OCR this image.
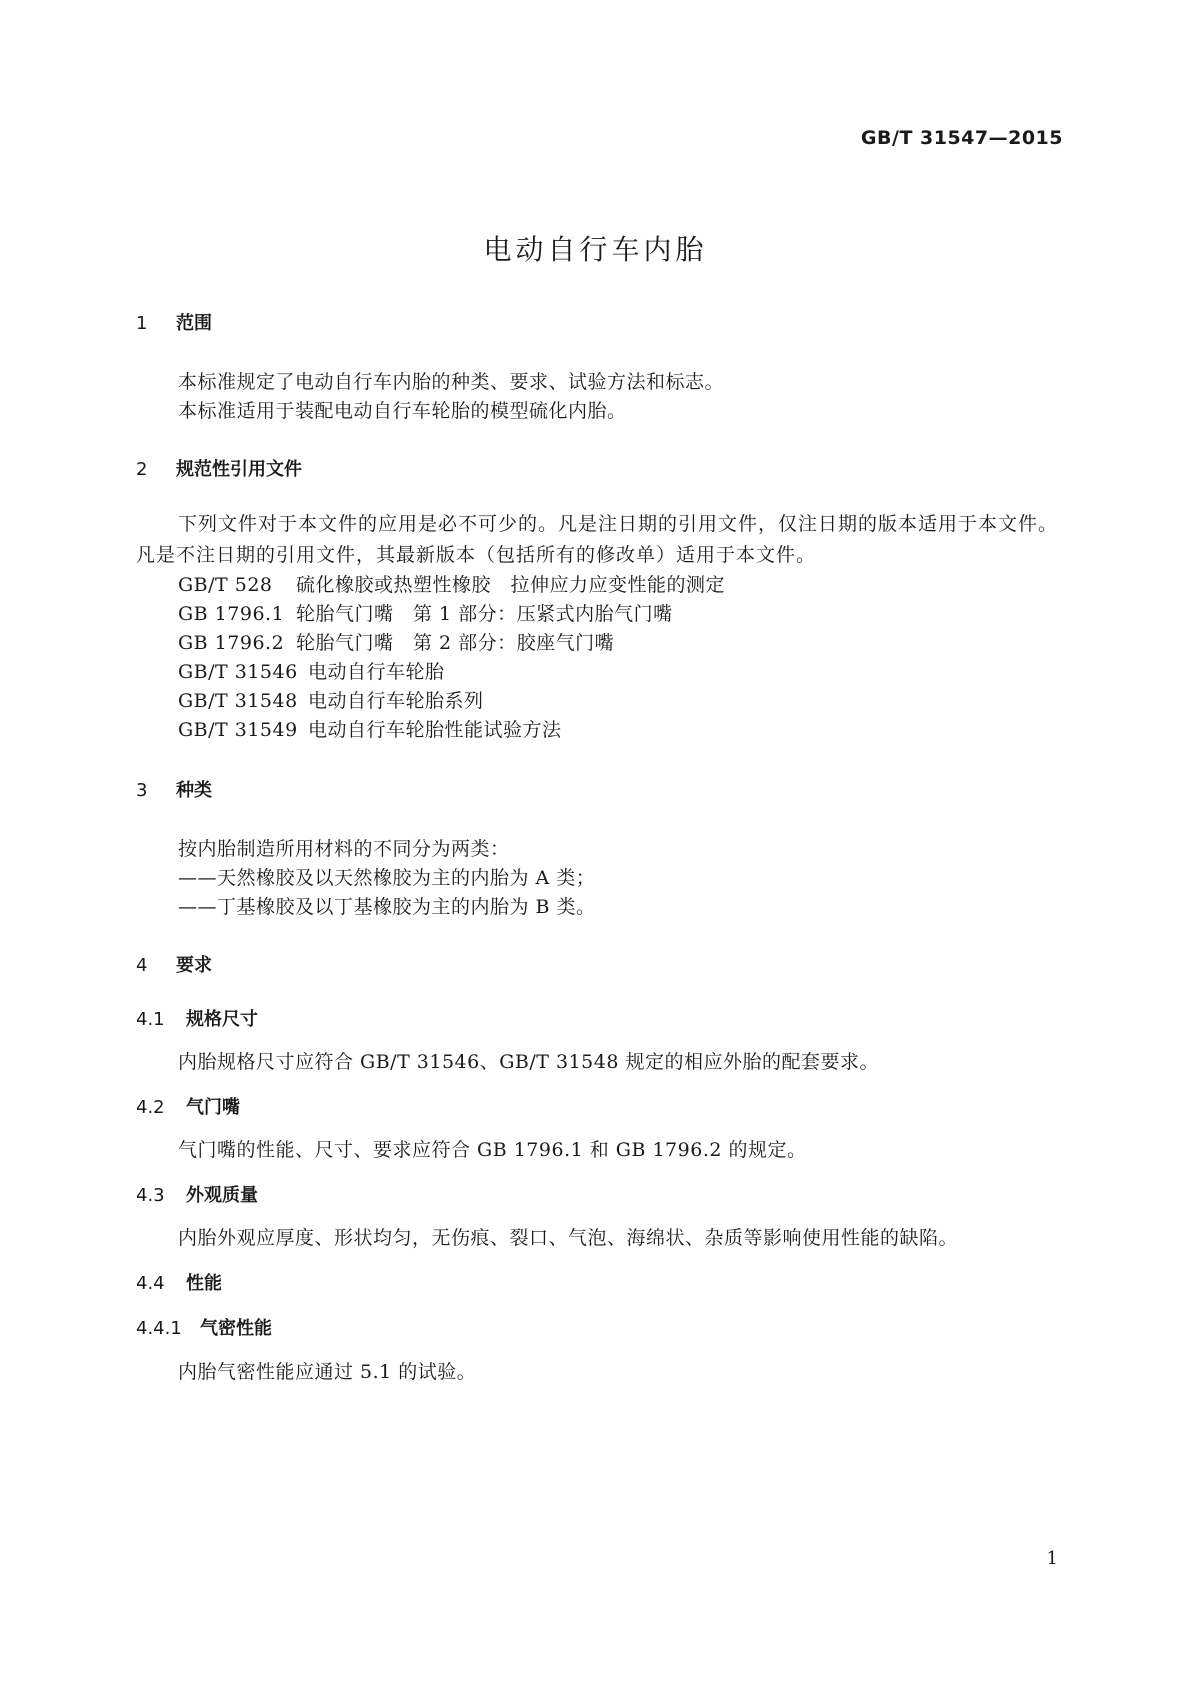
GB/T 31547—2015
电动自行车内胎
1 范围
本标准规定了电动自行车内胎的种类、要求、试验方法和标志。
本标准适用于装配电动自行车轮胎的模型硫化内胎。
2 规范性引用文件
下列文件对于本文件的应用是必不可少的。凡是注日期的引用文件，仅注日期的版本适用于本文件。凡是不注日期的引用文件，其最新版本（包括所有的修改单）适用于本文件。
GB/T 528 硫化橡胶或热塑性橡胶　拉伸应力应变性能的测定
GB 1796.1 轮胎气门嘴　第 1 部分：压紧式内胎气门嘴
GB 1796.2 轮胎气门嘴　第 2 部分：胶座气门嘴
GB/T 31546 电动自行车轮胎
GB/T 31548 电动自行车轮胎系列
GB/T 31549 电动自行车轮胎性能试验方法
3 种类
按内胎制造所用材料的不同分为两类：
——天然橡胶及以天然橡胶为主的内胎为 A 类；
——丁基橡胶及以丁基橡胶为主的内胎为 B 类。
4 要求
4.1 规格尺寸
内胎规格尺寸应符合 GB/T 31546、GB/T 31548 规定的相应外胎的配套要求。
4.2 气门嘴
气门嘴的性能、尺寸、要求应符合 GB 1796.1 和 GB 1796.2 的规定。
4.3 外观质量
内胎外观应厚度、形状均匀，无伤痕、裂口、气泡、海绵状、杂质等影响使用性能的缺陷。
4.4 性能
4.4.1 气密性能
内胎气密性能应通过 5.1 的试验。
1
